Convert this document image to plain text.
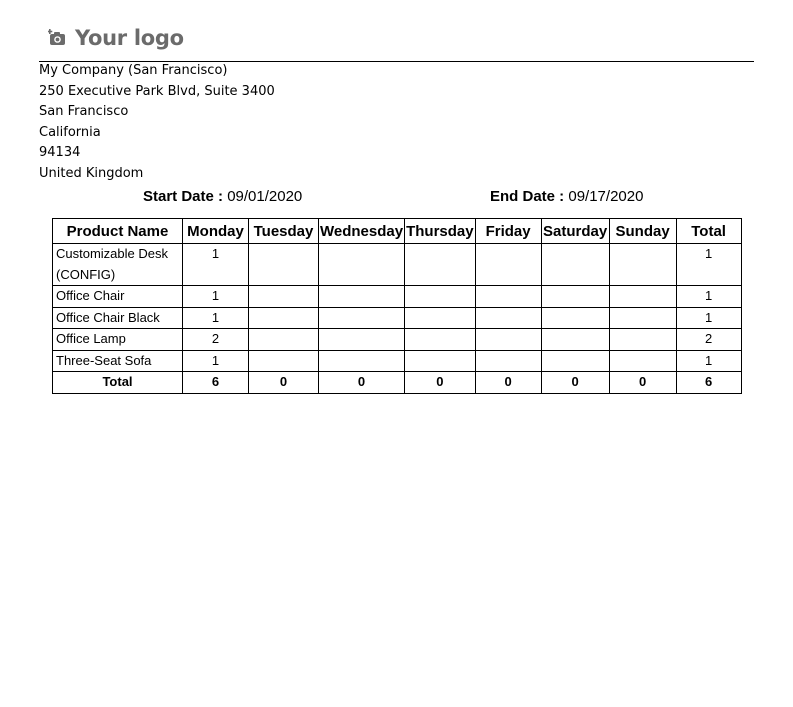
Your logo
My Company (San Francisco)
250 Executive Park Blvd, Suite 3400
San Francisco
California
94134
United Kingdom
Start Date : 09/01/2020	End Date : 09/17/2020
Product Name	Monday	Tuesday	Wednesday	Thursday	Friday	Saturday	Sunday	Total
Customizable Desk (CONFIG)	1							1
Office Chair	1							1
Office Chair Black	1							1
Office Lamp	2							2
Three-Seat Sofa	1							1
Total	6	0	0	0	0	0	0	6
